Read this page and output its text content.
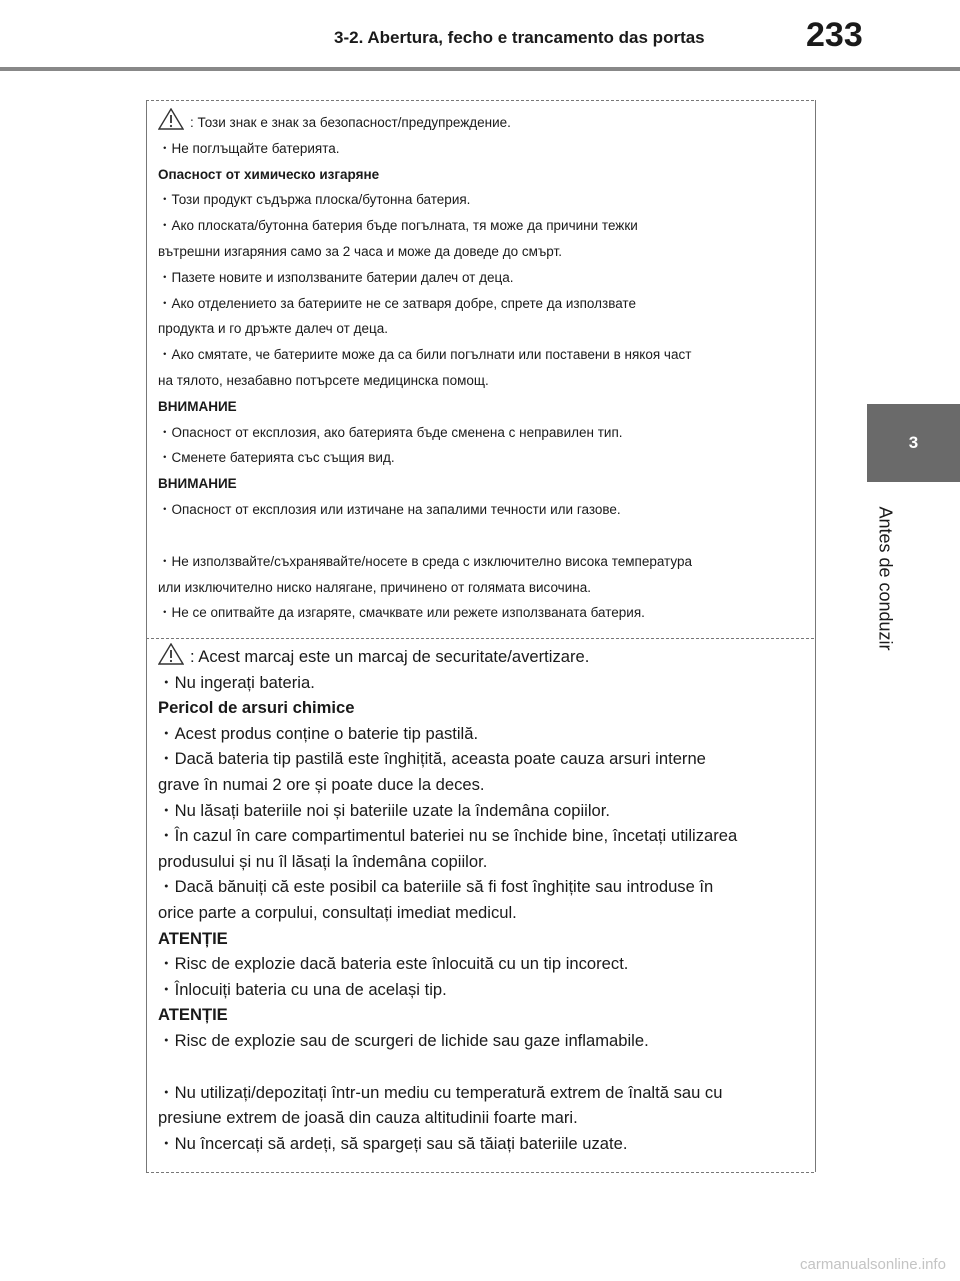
3-2. Abertura, fecho e trancamento das portas	233
3
Antes de conduzir
: Този знак е знак за безопасност/предупреждение.
・Не поглъщайте батерията.
Опасност от химическо изгаряне
・Този продукт съдържа плоска/бутонна батерия.
・Ако плоската/бутонна батерия бъде погълната, тя може да причини тежки
вътрешни изгаряния само за 2 часа и може да доведе до смърт.
・Пазете новите и използваните батерии далеч от деца.
・Ако отделението за батериите не се затваря добре, спрете да използвате
продукта и го дръжте далеч от деца.
・Ако смятате, че батериите може да са били погълнати или поставени в някоя част
на тялото, незабавно потърсете медицинска помощ.
ВНИМАНИЕ
・Опасност от експлозия, ако батерията бъде сменена с неправилен тип.
・Сменете батерията със същия вид.
ВНИМАНИЕ
・Опасност от експлозия или изтичане на запалими течности или газове.
・Не използвайте/съхранявайте/носете в среда с изключително висока температура
или изключително ниско налягане, причинено от голямата височина.
・Не се опитвайте да изгаряте, смачквате или режете използваната батерия.
: Acest marcaj este un marcaj de securitate/avertizare.
・Nu ingerați bateria.
Pericol de arsuri chimice
・Acest produs conține o baterie tip pastilă.
・Dacă bateria tip pastilă este înghițită, aceasta poate cauza arsuri interne
grave în numai 2 ore și poate duce la deces.
・Nu lăsați bateriile noi și bateriile uzate la îndemâna copiilor.
・În cazul în care compartimentul bateriei nu se închide bine, încetați utilizarea
produsului și nu îl lăsați la îndemâna copiilor.
・Dacă bănuiți că este posibil ca bateriile să fi fost înghițite sau introduse în
orice parte a corpului, consultați imediat medicul.
ATENȚIE
・Risc de explozie dacă bateria este înlocuită cu un tip incorect.
・Înlocuiți bateria cu una de același tip.
ATENȚIE
・Risc de explozie sau de scurgeri de lichide sau gaze inflamabile.
・Nu utilizați/depozitați într-un mediu cu temperatură extrem de înaltă sau cu
presiune extrem de joasă din cauza altitudinii foarte mari.
・Nu încercați să ardeți, să spargeți sau să tăiați bateriile uzate.
carmanualsonline.info
